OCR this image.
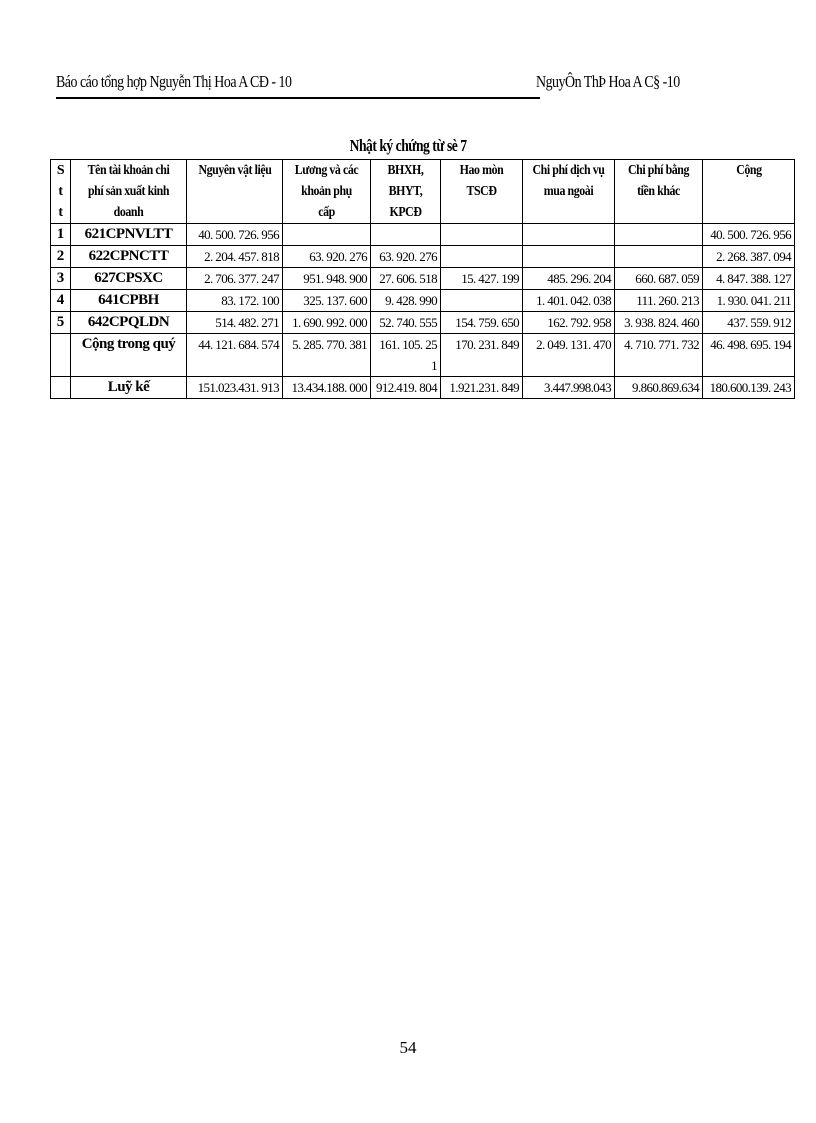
Báo cáo tổng hợp Nguyễn Thị Hoa A CĐ - 10	NguyÔn ThÞ Hoa A C§ -10
Nhật ký chứng từ sè 7
S
t
t	Tên tài khoản chi phí sản xuất kinh doanh	Nguyên vật liệu	Lương và các khoản phụ cấp	BHXH, BHYT, KPCĐ	Hao mòn TSCĐ	Chi phí dịch vụ mua ngoài	Chi phí bằng tiền khác	Cộng
1	621CPNVLTT	40. 500. 726. 956						40. 500. 726. 956
2	622CPNCTT	2. 204. 457. 818	63. 920. 276	63. 920. 276				2. 268. 387. 094
3	627CPSXC	2. 706. 377. 247	951. 948. 900	27. 606. 518	15. 427. 199	485. 296. 204	660. 687. 059	4. 847. 388. 127
4	641CPBH	83. 172. 100	325. 137. 600	9. 428. 990		1. 401. 042. 038	111. 260. 213	1. 930. 041. 211
5	642CPQLDN	514. 482. 271	1. 690. 992. 000	52. 740. 555	154. 759. 650	162. 792. 958	3. 938. 824. 460	437. 559. 912
	Cộng trong quý	44. 121. 684. 574	5. 285. 770. 381	161. 105. 251	170. 231. 849	2. 049. 131. 470	4. 710. 771. 732	46. 498. 695. 194
	Luỹ kế	151.023.431. 913	13.434.188. 000	912.419. 804	1.921.231. 849	3.447.998.043	9.860.869.634	180.600.139. 243
54
